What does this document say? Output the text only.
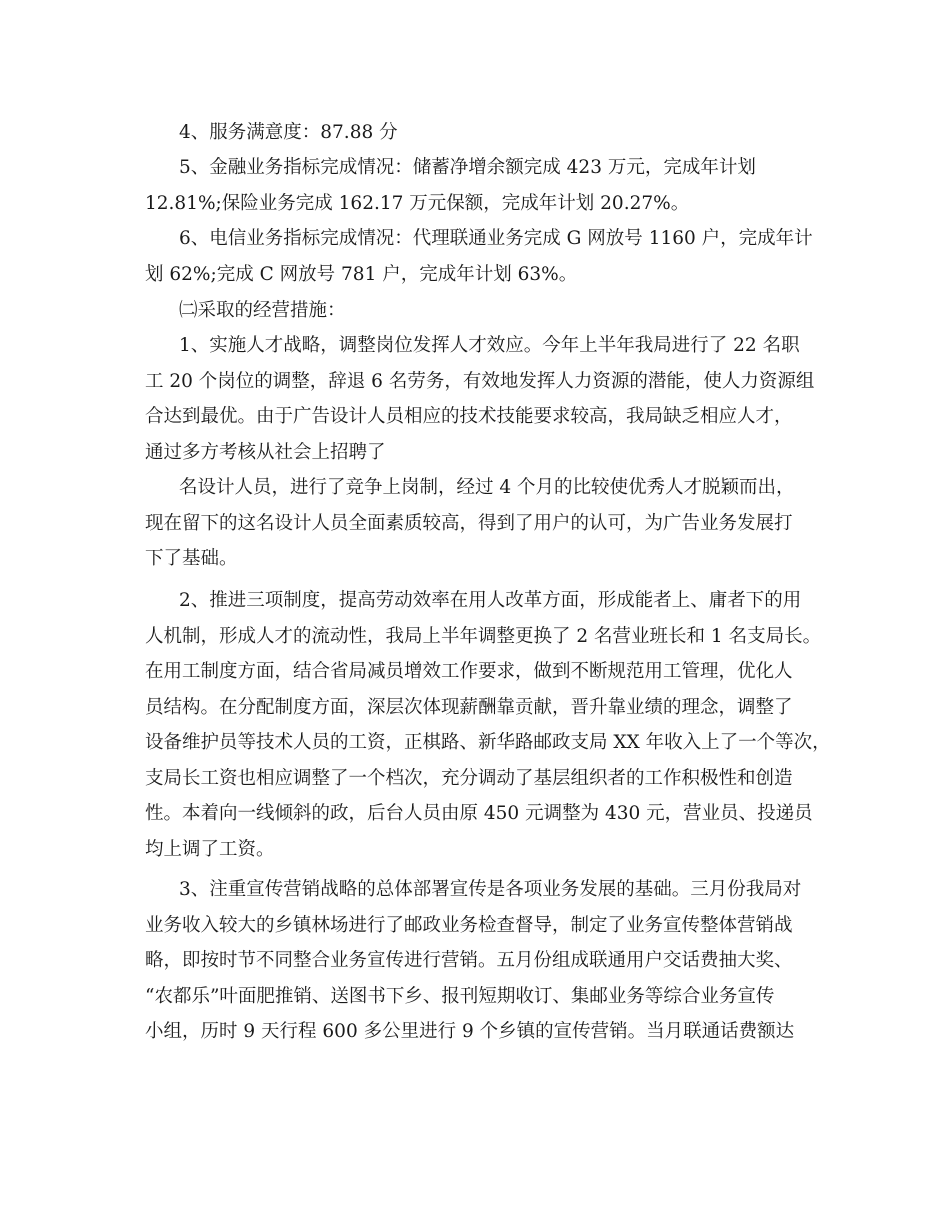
4、服务满意度：87.88 分
5、金融业务指标完成情况：储蓄净增余额完成 423 万元，完成年计划
12.81%;保险业务完成 162.17 万元保额，完成年计划 20.27%。
6、电信业务指标完成情况：代理联通业务完成 G 网放号 1160 户，完成年计
划 62%;完成 C 网放号 781 户，完成年计划 63%。
㈡采取的经营措施：
1、实施人才战略，调整岗位发挥人才效应。今年上半年我局进行了 22 名职
工 20 个岗位的调整，辞退 6 名劳务，有效地发挥人力资源的潜能，使人力资源组
合达到最优。由于广告设计人员相应的技术技能要求较高，我局缺乏相应人才，
通过多方考核从社会上招聘了
名设计人员，进行了竞争上岗制，经过 4 个月的比较使优秀人才脱颖而出，
现在留下的这名设计人员全面素质较高，得到了用户的认可，为广告业务发展打
下了基础。
2、推进三项制度，提高劳动效率在用人改革方面，形成能者上、庸者下的用
人机制，形成人才的流动性，我局上半年调整更换了 2 名营业班长和 1 名支局长。
在用工制度方面，结合省局减员增效工作要求，做到不断规范用工管理，优化人
员结构。在分配制度方面，深层次体现薪酬靠贡献，晋升靠业绩的理念，调整了
设备维护员等技术人员的工资，正棋路、新华路邮政支局 XX 年收入上了一个等次，
支局长工资也相应调整了一个档次，充分调动了基层组织者的工作积极性和创造
性。本着向一线倾斜的政，后台人员由原 450 元调整为 430 元，营业员、投递员
均上调了工资。
3、注重宣传营销战略的总体部署宣传是各项业务发展的基础。三月份我局对
业务收入较大的乡镇林场进行了邮政业务检查督导，制定了业务宣传整体营销战
略，即按时节不同整合业务宣传进行营销。五月份组成联通用户交话费抽大奖、
“农都乐”叶面肥推销、送图书下乡、报刊短期收订、集邮业务等综合业务宣传
小组，历时 9 天行程 600 多公里进行 9 个乡镇的宣传营销。当月联通话费额达
